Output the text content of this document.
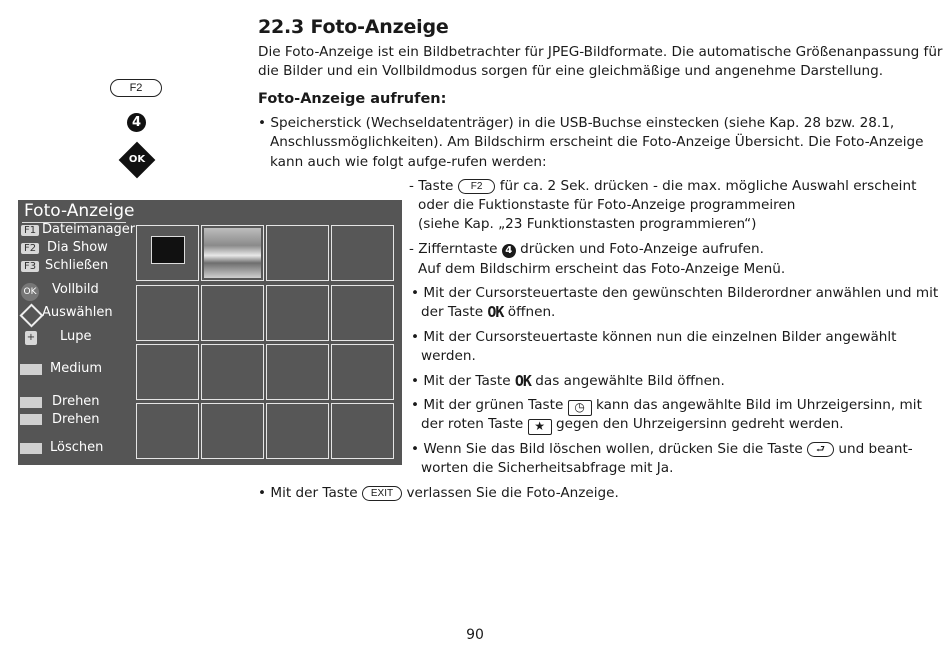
22.3 Foto-Anzeige
Die Foto-Anzeige ist ein Bildbetrachter für JPEG-Bildformate. Die automatische Größenanpassung für
die Bilder und ein Vollbildmodus sorgen für eine gleichmäßige und angenehme Darstellung.
Foto-Anzeige aufrufen:
• Speicherstick (Wechseldatenträger) in die USB-Buchse einstecken (siehe Kap. 28 bzw. 28.1,
Anschlussmöglichkeiten). Am Bildschirm erscheint die Foto-Anzeige Übersicht. Die Foto-Anzeige
kann auch wie folgt aufge-rufen werden:
F2
4
OK
- Taste F2 für ca. 2 Sek. drücken - die max. mögliche Auswahl erscheint
oder die Fuktionstaste für Foto-Anzeige programmeiren
(siehe Kap. „23 Funktionstasten programmieren“)
- Zifferntaste 4 drücken und Foto-Anzeige aufrufen.
Auf dem Bildschirm erscheint das Foto-Anzeige Menü.
• Mit der Cursorsteuertaste den gewünschten Bilderordner anwählen und mit
der Taste OK öffnen.
• Mit der Cursorsteuertaste können nun die einzelnen Bilder angewählt
werden.
• Mit der Taste OK das angewählte Bild öffnen.
• Mit der grünen Taste ◷ kann das angewählte Bild im Uhrzeigersinn, mit
der roten Taste ★ gegen den Uhrzeigersinn gedreht werden.
• Wenn Sie das Bild löschen wollen, drücken Sie die Taste ⮐ und beant-
worten die Sicherheitsabfrage mit Ja.
• Mit der Taste EXIT verlassen Sie die Foto-Anzeige.
Foto-Anzeige
F1 Dateimanager
F2 Dia Show
F3 Schließen
OK Vollbild
Auswählen
+ Lupe
Medium
Drehen
Drehen
Löschen
90
